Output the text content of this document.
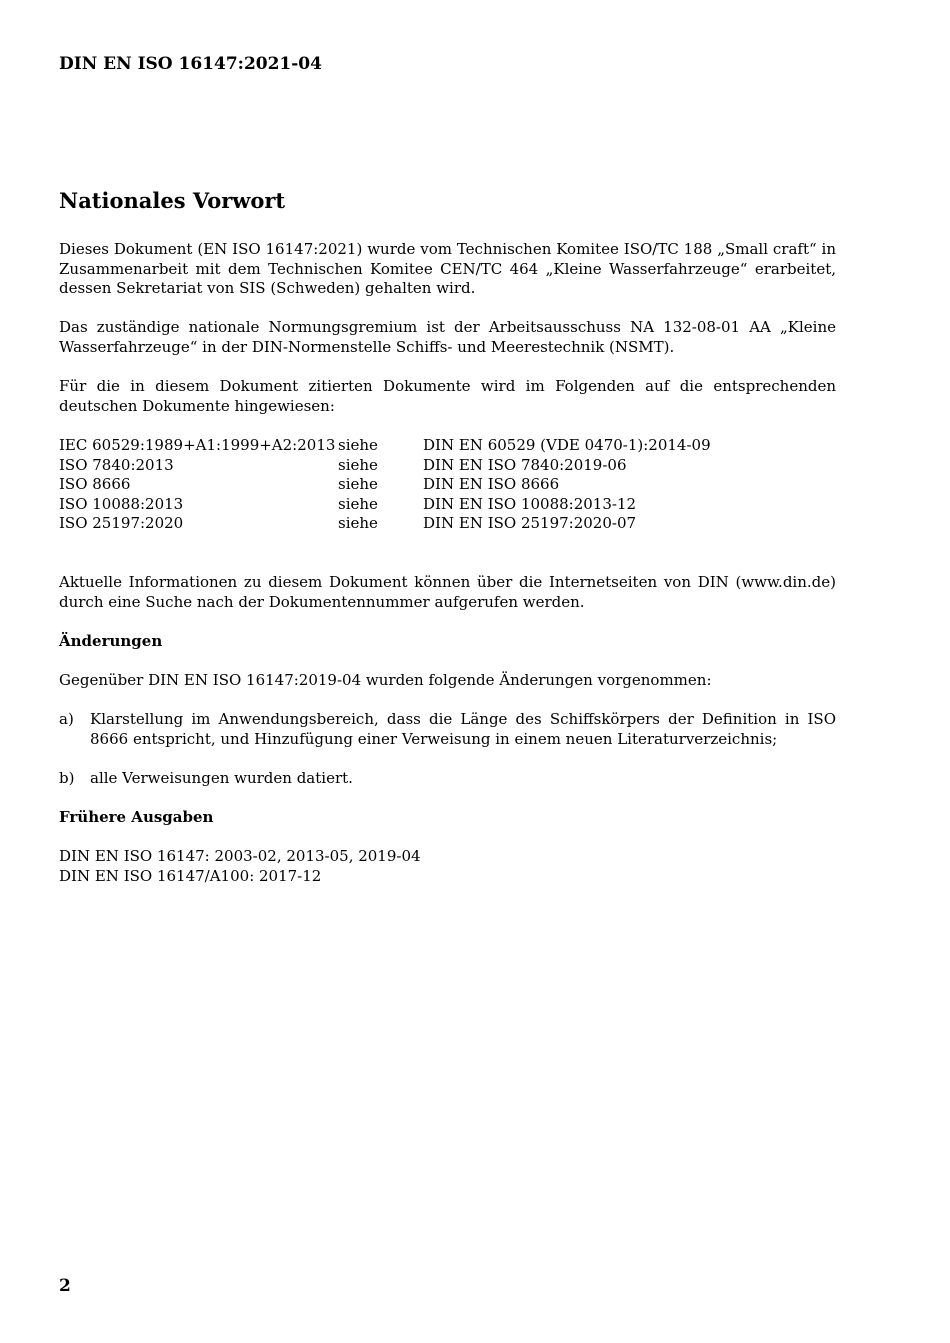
DIN EN ISO 16147:2021-04
Nationales Vorwort

Dieses Dokument (EN ISO 16147:2021) wurde vom Technischen Komitee ISO/TC 188 „Small craft“ in Zusammenarbeit mit dem Technischen Komitee CEN/TC 464 „Kleine Wasserfahrzeuge“ erarbeitet, dessen Sekretariat von SIS (Schweden) gehalten wird.

Das zuständige nationale Normungsgremium ist der Arbeitsausschuss NA 132-08-01 AA „Kleine Wasserfahrzeuge“ in der DIN-Normenstelle Schiffs- und Meerestechnik (NSMT).

Für die in diesem Dokument zitierten Dokumente wird im Folgenden auf die entsprechenden deutschen Dokumente hingewiesen:

IEC 60529:1989+A1:1999+A2:2013 siehe	DIN EN 60529 (VDE 0470-1):2014-09
ISO 7840:2013	siehe	DIN EN ISO 7840:2019-06
ISO 8666	siehe	DIN EN ISO 8666
ISO 10088:2013	siehe	DIN EN ISO 10088:2013-12
ISO 25197:2020	siehe	DIN EN ISO 25197:2020-07

Aktuelle Informationen zu diesem Dokument können über die Internetseiten von DIN (www.din.de) durch eine Suche nach der Dokumentennummer aufgerufen werden.

Änderungen

Gegenüber DIN EN ISO 16147:2019-04 wurden folgende Änderungen vorgenommen:

a)	Klarstellung im Anwendungsbereich, dass die Länge des Schiffskörpers der Definition in ISO 8666 entspricht, und Hinzufügung einer Verweisung in einem neuen Literaturverzeichnis;
b)	alle Verweisungen wurden datiert.
Frühere Ausgaben

DIN EN ISO 16147: 2003-02, 2013-05, 2019-04

DIN EN ISO 16147/A100: 2017-12

2
